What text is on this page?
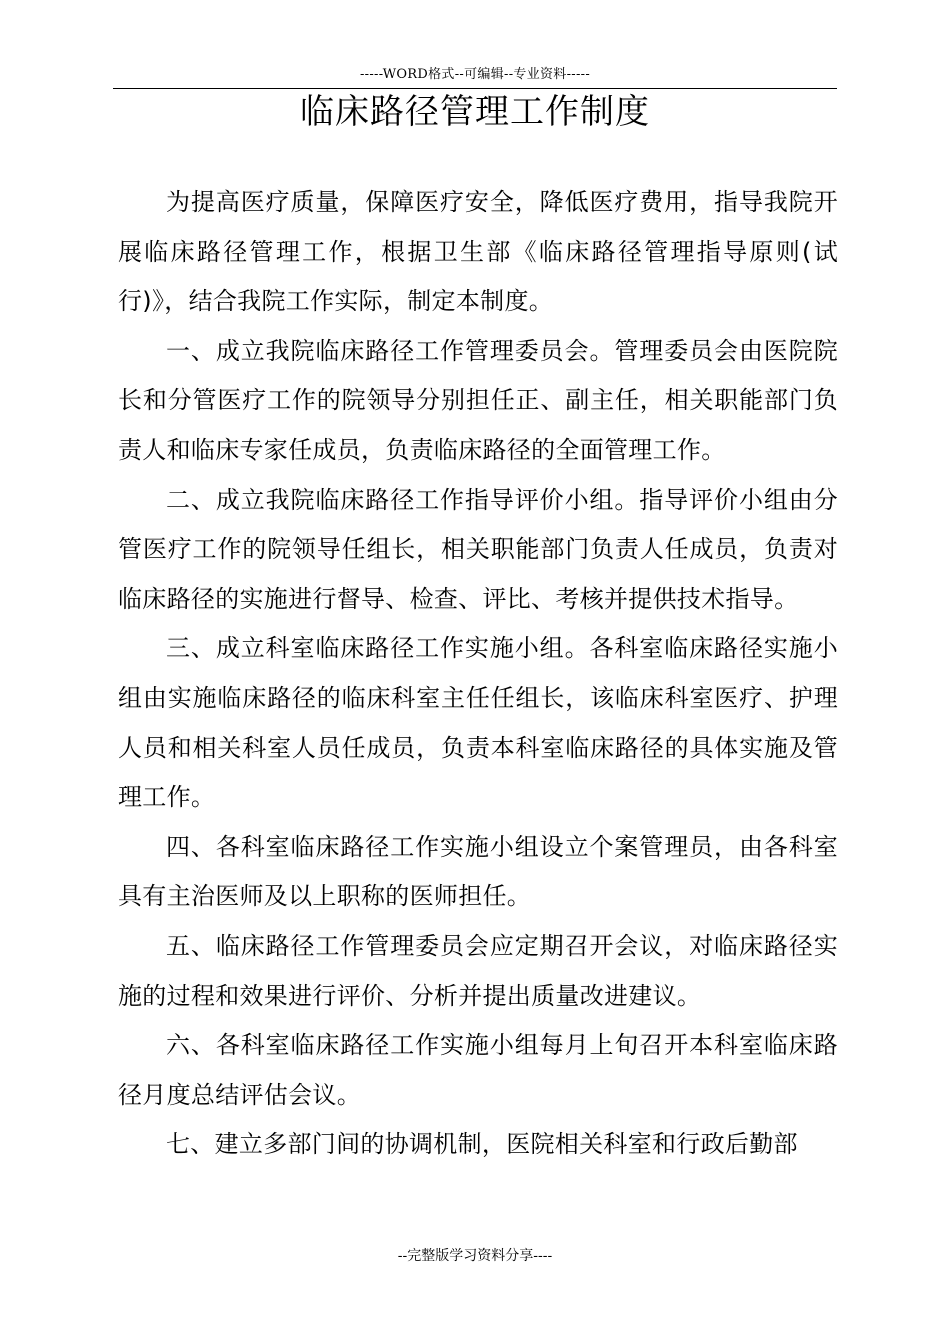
-----WORD格式--可编辑--专业资料-----
临床路径管理工作制度

为提高医疗质量，保障医疗安全，降低医疗费用，指导我院开展临床路径管理工作，根据卫生部《临床路径管理指导原则(试行)》，结合我院工作实际，制定本制度。

一、成立我院临床路径工作管理委员会。管理委员会由医院院长和分管医疗工作的院领导分别担任正、副主任，相关职能部门负责人和临床专家任成员，负责临床路径的全面管理工作。

二、成立我院临床路径工作指导评价小组。指导评价小组由分管医疗工作的院领导任组长，相关职能部门负责人任成员，负责对临床路径的实施进行督导、检查、评比、考核并提供技术指导。

三、成立科室临床路径工作实施小组。各科室临床路径实施小组由实施临床路径的临床科室主任任组长，该临床科室医疗、护理人员和相关科室人员任成员，负责本科室临床路径的具体实施及管理工作。

四、各科室临床路径工作实施小组设立个案管理员，由各科室具有主治医师及以上职称的医师担任。

五、临床路径工作管理委员会应定期召开会议，对临床路径实施的过程和效果进行评价、分析并提出质量改进建议。

六、各科室临床路径工作实施小组每月上旬召开本科室临床路径月度总结评估会议。

七、建立多部门间的协调机制，医院相关科室和行政后勤部

--完整版学习资料分享----
